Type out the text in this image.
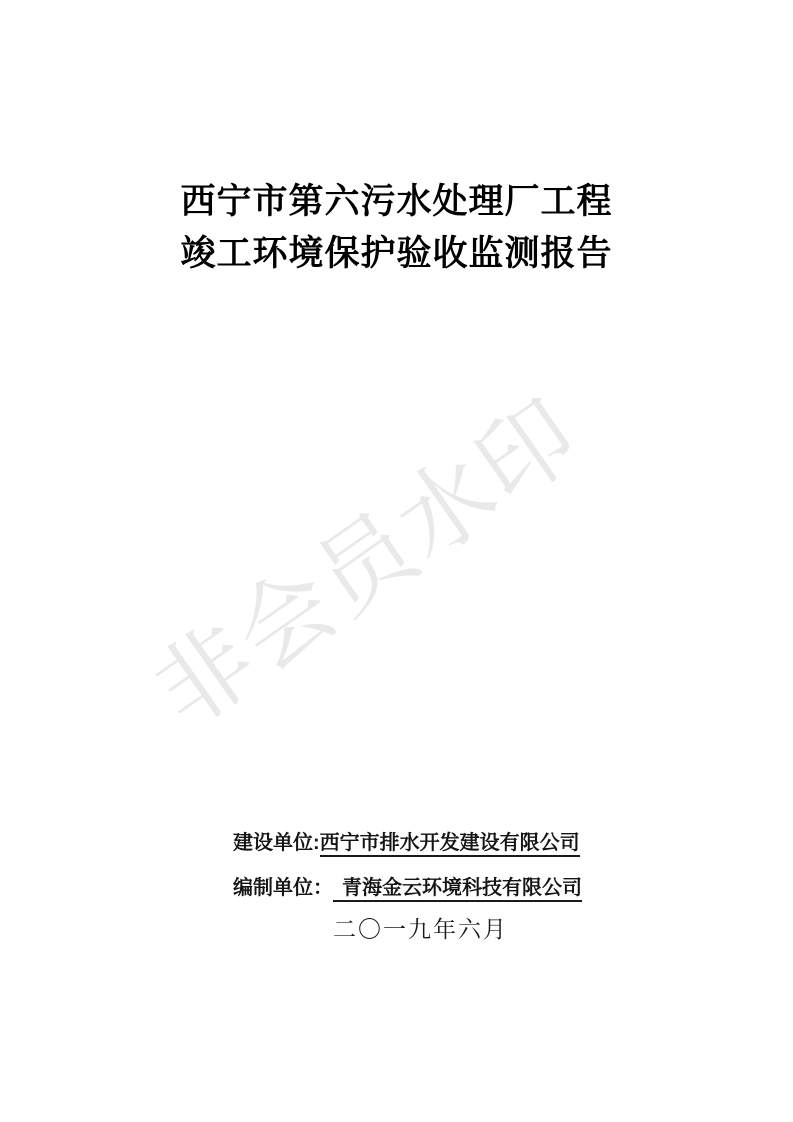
非会员水印
西宁市第六污水处理厂工程
竣工环境保护验收监测报告
建设单位:西宁市排水开发建设有限公司
编制单位： 青海金云环境科技有限公司
二〇一九年六月
